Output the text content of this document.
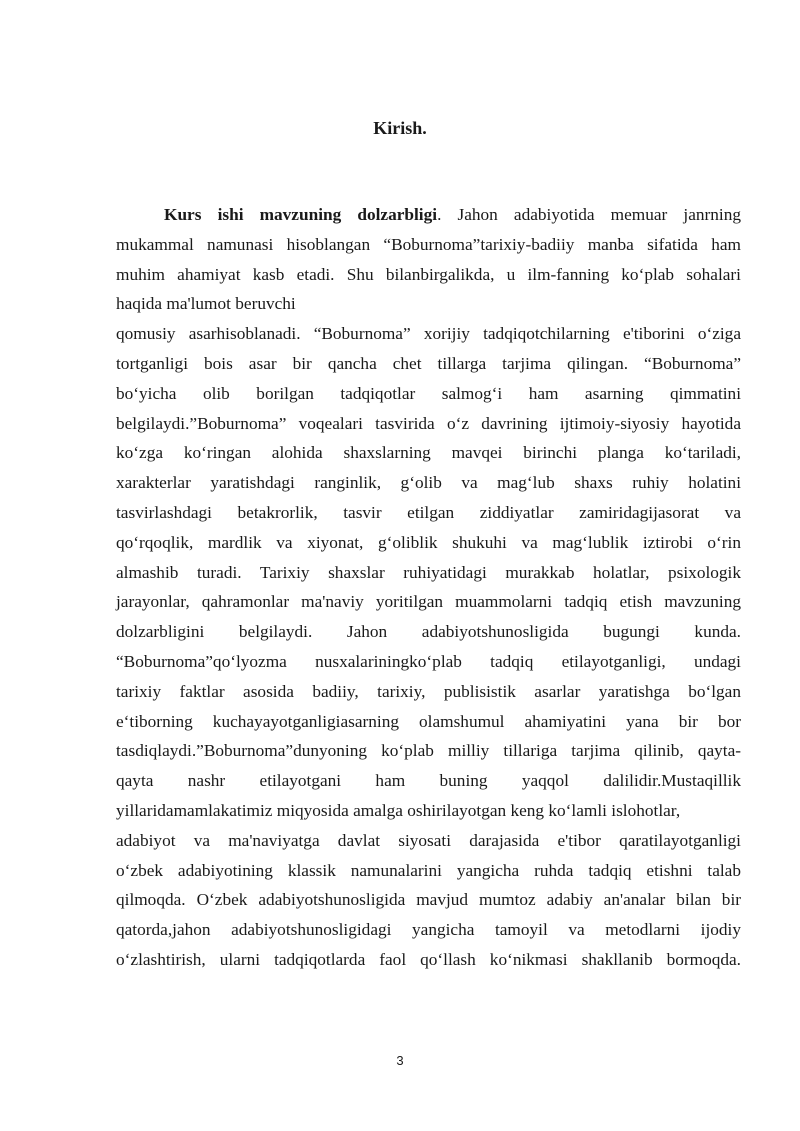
Kirish.
Kurs ishi mavzuning dolzarbligi. Jahon adabiyotida memuar janrning
mukammal namunasi hisoblangan “Boburnoma”tarixiy-badiiy manba sifatida ham
muhim ahamiyat kasb etadi. Shu bilanbirgalikda, u ilm-fanning ko‘plab sohalari
haqida ma'lumot beruvchi
qomusiy asarhisoblanadi. “Boburnoma” xorijiy tadqiqotchilarning e'tiborini o‘ziga
tortganligi bois asar bir qancha chet tillarga tarjima qilingan. “Boburnoma”
bo‘yicha olib borilgan tadqiqotlar salmog‘i ham asarning qimmatini
belgilaydi.”Boburnoma” voqealari tasvirida o‘z davrining ijtimoiy-siyosiy hayotida
ko‘zga ko‘ringan alohida shaxslarning mavqei birinchi planga ko‘tariladi,
xarakterlar yaratishdagi ranginlik, g‘olib va mag‘lub shaxs ruhiy holatini
tasvirlashdagi betakrorlik, tasvir etilgan ziddiyatlar zamiridagijasorat va
qo‘rqoqlik, mardlik va xiyonat, g‘oliblik shukuhi va mag‘lublik iztirobi o‘rin
almashib turadi. Tarixiy shaxslar ruhiyatidagi murakkab holatlar, psixologik
jarayonlar, qahramonlar ma'naviy yoritilgan muammolarni tadqiq etish mavzuning
dolzarbligini belgilaydi. Jahon adabiyotshunosligida bugungi kunda.
“Boburnoma”qo‘lyozma nusxalariningko‘plab tadqiq etilayotganligi, undagi
tarixiy faktlar asosida badiiy, tarixiy, publisistik asarlar yaratishga bo‘lgan
e‘tiborning kuchayayotganligiasarning olamshumul ahamiyatini yana bir bor
tasdiqlaydi.”Boburnoma”dunyoning ko‘plab milliy tillariga tarjima qilinib, qayta-
qayta nashr etilayotgani ham buning yaqqol dalilidir.Mustaqillik
yillaridamamlakatimiz miqyosida amalga oshirilayotgan keng ko‘lamli islohotlar,
adabiyot va ma'naviyatga davlat siyosati darajasida e'tibor qaratilayotganligi
o‘zbek adabiyotining klassik namunalarini yangicha ruhda tadqiq etishni talab
qilmoqda. O‘zbek adabiyotshunosligida mavjud mumtoz adabiy an'analar bilan bir
qatorda,jahon adabiyotshunosligidagi yangicha tamoyil va metodlarni ijodiy
o‘zlashtirish, ularni tadqiqotlarda faol qo‘llash ko‘nikmasi shakllanib bormoqda.
3
